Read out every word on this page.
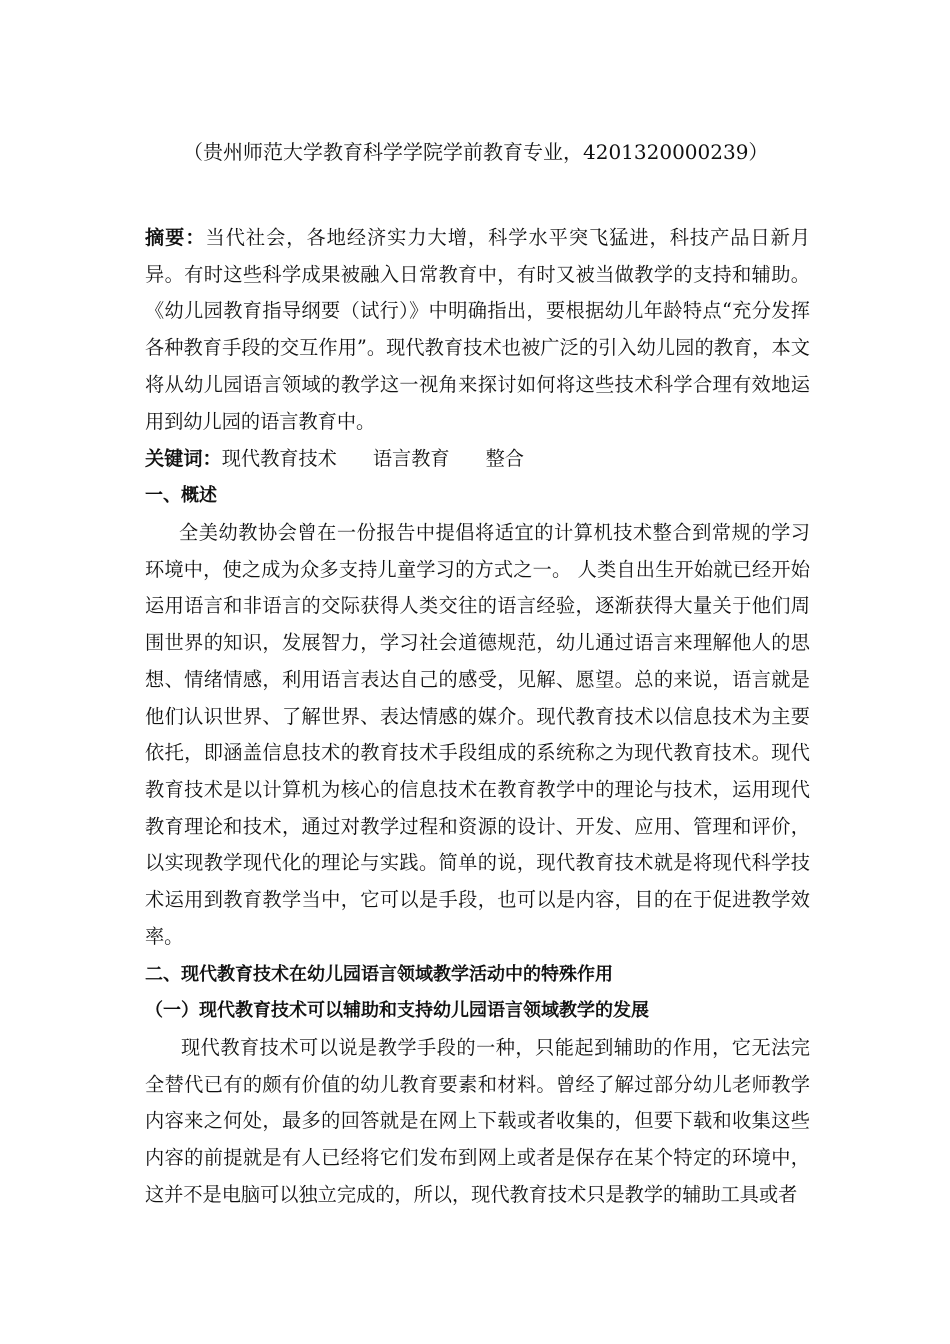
（贵州师范大学教育科学学院学前教育专业，4201320000239）
摘要：当代社会，各地经济实力大增，科学水平突飞猛进，科技产品日新月异。有时这些科学成果被融入日常教育中，有时又被当做教学的支持和辅助。《幼儿园教育指导纲要（试行）》中明确指出，要根据幼儿年龄特点“充分发挥各种教育手段的交互作用”。现代教育技术也被广泛的引入幼儿园的教育，本文将从幼儿园语言领域的教学这一视角来探讨如何将这些技术科学合理有效地运用到幼儿园的语言教育中。
关键词：现代教育技术 语言教育 整合
一、概述
全美幼教协会曾在一份报告中提倡将适宜的计算机技术整合到常规的学习环境中，使之成为众多支持儿童学习的方式之一。 人类自出生开始就已经开始运用语言和非语言的交际获得人类交往的语言经验，逐渐获得大量关于他们周围世界的知识，发展智力，学习社会道德规范，幼儿通过语言来理解他人的思想、情绪情感，利用语言表达自己的感受，见解、愿望。总的来说，语言就是他们认识世界、了解世界、表达情感的媒介。现代教育技术以信息技术为主要依托，即涵盖信息技术的教育技术手段组成的系统称之为现代教育技术。现代教育技术是以计算机为核心的信息技术在教育教学中的理论与技术，运用现代教育理论和技术，通过对教学过程和资源的设计、开发、应用、管理和评价，以实现教学现代化的理论与实践。简单的说，现代教育技术就是将现代科学技术运用到教育教学当中，它可以是手段，也可以是内容，目的在于促进教学效率。
二、现代教育技术在幼儿园语言领域教学活动中的特殊作用
（一）现代教育技术可以辅助和支持幼儿园语言领域教学的发展
现代教育技术可以说是教学手段的一种，只能起到辅助的作用，它无法完全替代已有的颇有价值的幼儿教育要素和材料。曾经了解过部分幼儿老师教学内容来之何处，最多的回答就是在网上下载或者收集的，但要下载和收集这些内容的前提就是有人已经将它们发布到网上或者是保存在某个特定的环境中，这并不是电脑可以独立完成的，所以，现代教育技术只是教学的辅助工具或者
